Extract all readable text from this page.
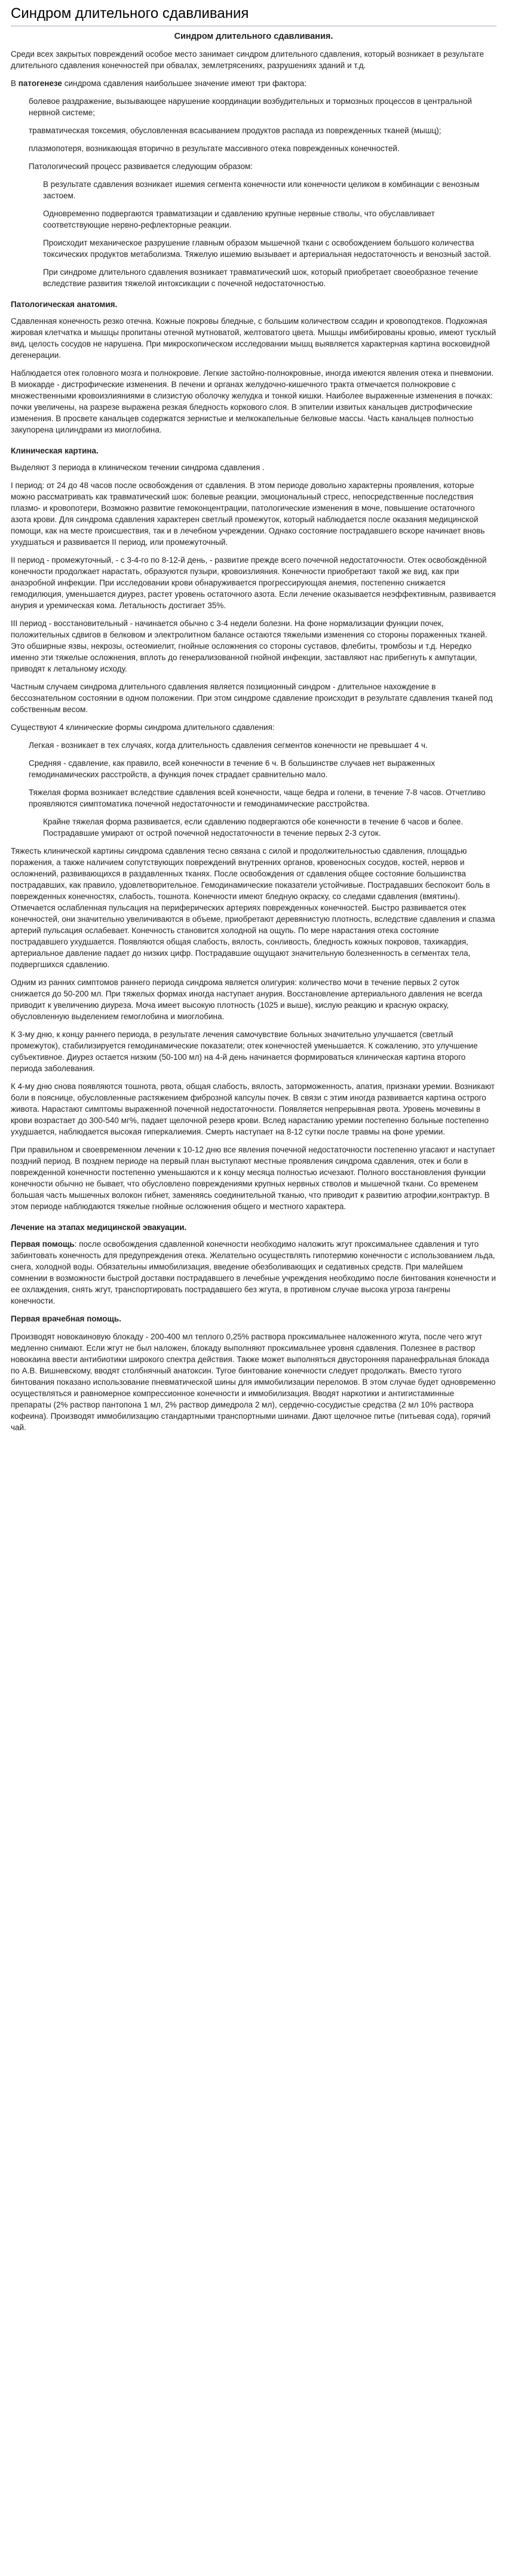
Синдром длительного сдавливания
Синдром длительного сдавливания.

Среди всех закрытых повреждений особое место занимает синдром длительного сдавления, который возникает в результате длительного сдавления конечностей при обвалах, землетрясениях, разрушениях зданий и т.д.

В патогенезе синдрома сдавления наибольшее значение имеют три фактора:

болевое раздражение, вызывающее нарушение координации возбудительных и тормозных процессов в центральной нервной системе;

травматическая токсемия, обусловленная всасыванием продуктов распада из поврежденных тканей (мышц);

плазмопотеря, возникающая вторично в результате массивного отека поврежденных конечностей.

Патологический процесс развивается следующим образом:

В результате сдавления возникает ишемия сегмента конечности или конечности целиком в комбинации с венозным застоем.

Одновременно подвергаются травматизации и сдавлению крупные нервные стволы, что обуславливает соответствующие нервно-рефлекторные реакции.

Происходит механическое разрушение главным образом мышечной ткани с освобождением большого количества токсических продуктов метаболизма. Тяжелую ишемию вызывает и артериальная недостаточность и венозный застой.

При синдроме длительного сдавления возникает травматический шок, который приобретает своеобразное течение вследствие развития тяжелой интоксикации с почечной недостаточностью.

Патологическая анатомия.

Сдавленная конечность резко отечна. Кожные покровы бледные, с большим количеством ссадин и кровоподтеков. Подкожная жировая клетчатка и мышцы пропитаны отечной мутноватой, желтоватого цвета. Мышцы имбибированы кровью, имеют тусклый вид, целость сосудов не нарушена. При микроскопическом исследовании мышц выявляется характерная картина восковидной дегенерации.

Наблюдается отек головного мозга и полнокровие. Легкие застойно-полнокровные, иногда имеются явления отека и пневмонии. В миокарде - дистрофические изменения. В печени и органах желудочно-кишечного тракта отмечается полнокровие с множественными кровоизлияниями в слизистую оболочку желудка и тонкой кишки. Наиболее выраженные изменения в почках: почки увеличены, на разрезе выражена резкая бледность коркового слоя. В эпителии извитых канальцев дистрофические изменения. В просвете канальцев содержатся зернистые и мелкокапельные белковые массы. Часть канальцев полностью закупорена цилиндрами из миоглобина.

Клиническая картина.

Выделяют 3 периода в клиническом течении синдрома сдавления .

I период: от 24 до 48 часов после освобождения от сдавления. В этом периоде довольно характерны проявления, которые можно рассматривать как травматический шок: болевые реакции, эмоциональный стресс, непосредственные последствия плазмо- и кровопотери, Возможно развитие гемоконцентрации, патологические изменения в моче, повышение остаточного азота крови. Для синдрома сдавления характерен светлый промежуток, который наблюдается после оказания медицинской помощи, как на месте происшествия, так и в лечебном учреждении. Однако состояние пострадавшего вскоре начинает вновь ухудшаться и развивается II период, или промежуточный.

II период - промежуточный, - с 3-4-го по 8-12-й день, - развитие прежде всего почечной недостаточности. Отек освобождённой конечности продолжает нарастать, образуются пузыри, кровоизлияния. Конечности приобретают такой же вид, как при анаэробной инфекции. При исследовании крови обнаруживается прогрессирующая анемия, постепенно снижается гемодилюция, уменьшается диурез, растет уровень остаточного азота. Если лечение оказывается неэффективным, развивается анурия и уремическая кома. Летальность достигает 35%.

III период - восстановительный - начинается обычно с 3-4 недели болезни. На фоне нормализации функции почек, положительных сдвигов в белковом и электролитном балансе остаются тяжелыми изменения со стороны пораженных тканей. Это обширные язвы, некрозы, остеомиелит, гнойные осложнения со стороны суставов, флебиты, тромбозы и т.д. Нередко именно эти тяжелые осложнения, вплоть до генерализованной гнойной инфекции, заставляют нас прибегнуть к ампутации, приводят к летальному исходу.

Частным случаем синдрома длительного сдавления является позиционный синдром - длительное нахождение в бессознательном состоянии в одном положении. При этом синдроме сдавление происходит в результате сдавления тканей под собственным весом.

Существуют 4 клинические формы синдрома длительного сдавления:

Легкая - возникает в тех случаях, когда длительность сдавления сегментов конечности не превышает 4 ч.

Средняя - сдавление, как правило, всей конечности в течение 6 ч. В большинстве случаев нет выраженных гемодинамических расстройств, а функция почек страдает сравнительно мало.

Тяжелая форма возникает вследствие сдавления всей конечности, чаще бедра и голени, в течение 7-8 часов. Отчетливо проявляются симптоматика почечной недостаточности и гемодинамические расстройства.

Крайне тяжелая форма развивается, если сдавлению подвергаются обе конечности в течение 6 часов и более. Пострадавшие умирают от острой почечной недостаточности в течение первых 2-3 суток.

Тяжесть клинической картины синдрома сдавления тесно связана с силой и продолжительностью сдавления, площадью поражения, а также наличием сопутствующих повреждений внутренних органов, кровеносных сосудов, костей, нервов и осложнений, развивающихся в раздавленных тканях. После освобождения от сдавления общее состояние большинства пострадавших, как правило, удовлетворительное. Гемодинамические показатели устойчивые. Пострадавших беспокоит боль в поврежденных конечностях, слабость, тошнота. Конечности имеют бледную окраску, со следами сдавления (вмятины). Отмечается ослабленная пульсация на периферических артериях поврежденных конечностей. Быстро развивается отек конечностей, они значительно увеличиваются в объеме, приобретают деревянистую плотность, вследствие сдавления и спазма артерий пульсация ослабевает. Конечность становится холодной на ощупь. По мере нарастания отека состояние пострадавшего ухудшается. Появляются общая слабость, вялость, сонливость, бледность кожных покровов, тахикардия, артериальное давление падает до низких цифр. Пострадавшие ощущают значительную болезненность в сегментах тела, подвергшихся сдавлению.

Одним из ранних симптомов раннего периода синдрома является олигурия: количество мочи в течение первых 2 суток снижается до 50-200 мл. При тяжелых формах иногда наступает анурия. Восстановление артериального давления не всегда приводит к увеличению диуреза. Моча имеет высокую плотность (1025 и выше), кислую реакцию и красную окраску, обусловленную выделением гемоглобина и миоглобина.

К 3-му дню, к концу раннего периода, в результате лечения самочувствие больных значительно улучшается (светлый промежуток), стабилизируется гемодинамические показатели; отек конечностей уменьшается. К сожалению, это улучшение субъективное. Диурез остается низким (50-100 мл) на 4-й день начинается формироваться клиническая картина второго периода заболевания.

К 4-му дню снова появляются тошнота, рвота, общая слабость, вялость, заторможенность, апатия, признаки уремии. Возникают боли в пояснице, обусловленные растяжением фиброзной капсулы почек. В связи с этим иногда развивается картина острого живота. Нарастают симптомы выраженной почечной недостаточности. Появляется непрерывная рвота. Уровень мочевины в крови возрастает до 300-540 мг%, падает щелочной резерв крови. Вслед нарастанию уремии постепенно больные постепенно ухудшается, наблюдается высокая гиперкалиемия. Смерть наступает на 8-12 сутки после травмы на фоне уремии.

При правильном и своевременном лечении к 10-12 дню все явления почечной недостаточности постепенно угасают и наступает поздний период. В позднем периоде на первый план выступают местные проявления синдрома сдавления, отек и боли в поврежденной конечности постепенно уменьшаются и к концу месяца полностью исчезают. Полного восстановления функции конечности обычно не бывает, что обусловлено повреждениями крупных нервных стволов и мышечной ткани. Со временем большая часть мышечных волокон гибнет, заменяясь соединительной тканью, что приводит к развитию атрофии,контрактур. В этом периоде наблюдаются тяжелые гнойные осложнения общего и местного характера.

Лечение на этапах медицинской эвакуации.

Первая помощь: после освобождения сдавленной конечности необходимо наложить жгут проксимальнее сдавления и туго забинтовать конечность для предупреждения отека. Желательно осуществлять гипотермию конечности с использованием льда, снега, холодной воды. Обязательны иммобилизация, введение обезболивающих и седативных средств. При малейшем сомнении в возможности быстрой доставки пострадавшего в лечебные учреждения необходимо после бинтования конечности и ее охлаждения, снять жгут, транспортировать пострадавшего без жгута, в противном случае высока угроза гангрены конечности.

Первая врачебная помощь.

Производят новокаиновую блокаду - 200-400 мл теплого 0,25% раствора проксимальнее наложенного жгута, после чего жгут медленно снимают. Если жгут не был наложен, блокаду выполняют проксимальнее уровня сдавления. Полезнее в раствор новокаина ввести антибиотики широкого спектра действия. Также может выполняться двусторонняя паранефральная блокада по А.В. Вишневскому, вводят столбнячный анатоксин. Тугое бинтование конечности следует продолжать. Вместо тугого бинтования показано использование пневматической шины для иммобилизации переломов. В этом случае будет одновременно осуществляться и равномерное компрессионное конечности и иммобилизация. Вводят наркотики и антигистаминные препараты (2% раствор пантопона 1 мл, 2% раствор димедрола 2 мл), сердечно-сосудистые средства (2 мл 10% раствора кофеина). Производят иммобилизацию стандартными транспортными шинами. Дают щелочное питье (питьевая сода), горячий чай.
